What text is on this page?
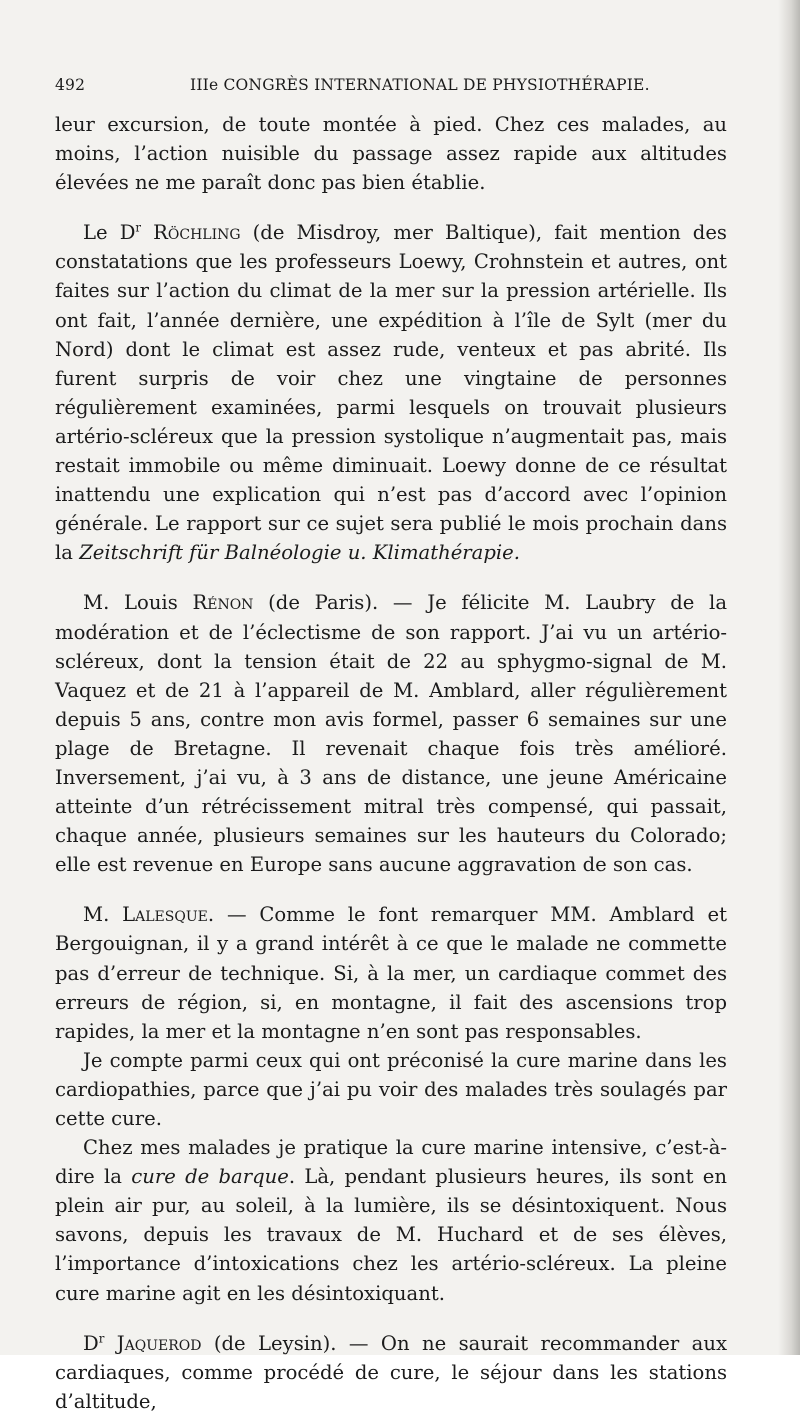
492	IIIe CONGRÈS INTERNATIONAL DE PHYSIOTHÉRAPIE.

leur excursion, de toute montée à pied. Chez ces malades, au moins, l’action nuisible du passage assez rapide aux altitudes élevées ne me paraît donc pas bien établie.

Le $D^r$ Röchling (de Misdroy, mer Baltique), fait mention des constatations que les professeurs Loewy, Crohnstein et autres, ont faites sur l’action du climat de la mer sur la pression artérielle. Ils ont fait, l’année dernière, une expédition à l’île de Sylt (mer du Nord) dont le climat est assez rude, venteux et pas abrité. Ils furent surpris de voir chez une vingtaine de personnes régulièrement examinées, parmi lesquels on trouvait plusieurs artério-scléreux que la pression systolique n’augmentait pas, mais restait immobile ou même diminuait. Loewy donne de ce résultat inattendu une explication qui n’est pas d’accord avec l’opinion générale. Le rapport sur ce sujet sera publié le mois prochain dans la Zeitschrift für Balnéologie u. Klimathérapie.

M. Louis Rénon (de Paris). — Je félicite M. Laubry de la modération et de l’éclectisme de son rapport. J’ai vu un artério-scléreux, dont la tension était de 22 au sphygmo-signal de M. Vaquez et de 21 à l’appareil de M. Amblard, aller régulièrement depuis 5 ans, contre mon avis formel, passer 6 semaines sur une plage de Bretagne. Il revenait chaque fois très amélioré. Inversement, j’ai vu, à 3 ans de distance, une jeune Américaine atteinte d’un rétrécissement mitral très compensé, qui passait, chaque année, plusieurs semaines sur les hauteurs du Colorado; elle est revenue en Europe sans aucune aggravation de son cas.

M. Lalesque. — Comme le font remarquer MM. Amblard et Bergouignan, il y a grand intérêt à ce que le malade ne commette pas d’erreur de technique. Si, à la mer, un cardiaque commet des erreurs de région, si, en montagne, il fait des ascensions trop rapides, la mer et la montagne n’en sont pas responsables.

Je compte parmi ceux qui ont préconisé la cure marine dans les cardiopathies, parce que j’ai pu voir des malades très soulagés par cette cure.

Chez mes malades je pratique la cure marine intensive, c’est-à-dire la cure de barque. Là, pendant plusieurs heures, ils sont en plein air pur, au soleil, à la lumière, ils se désintoxiquent. Nous savons, depuis les travaux de M. Huchard et de ses élèves, l’importance d’intoxications chez les artério-scléreux. La pleine cure marine agit en les désintoxiquant.

$D^r$ Jaquerod (de Leysin). — On ne saurait recommander aux cardiaques, comme procédé de cure, le séjour dans les stations d’altitude,
